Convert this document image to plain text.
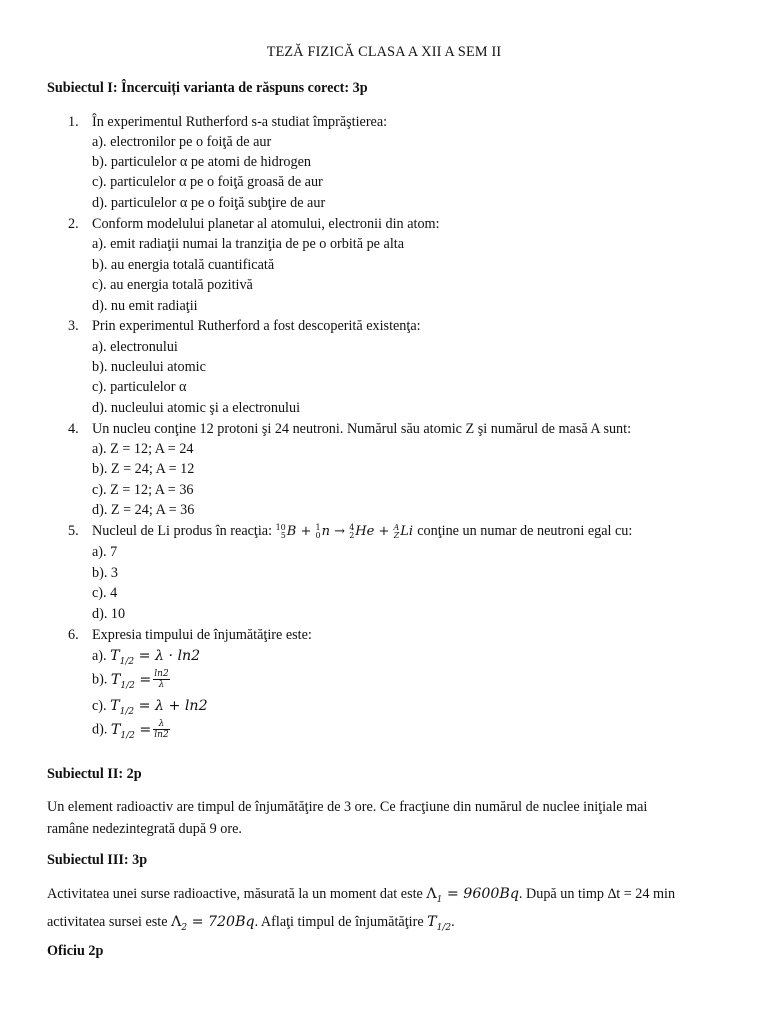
TEZĂ FIZICĂ CLASA A XII A SEM II
Subiectul I: Încercuiți varianta de răspuns corect: 3p
1. În experimentul Rutherford s-a studiat împrăştierea:
a). electronilor pe o foiţă de aur
b). particulelor α pe atomi de hidrogen
c). particulelor α pe o foiţă groasă de aur
d). particulelor α pe o foiţă subţire de aur
2. Conform modelului planetar al atomului, electronii din atom:
a). emit radiaţii numai la tranziţia de pe o orbită pe alta
b). au energia totală cuantificată
c). au energia totală pozitivă
d). nu emit radiaţii
3. Prin experimentul Rutherford a fost descoperită existenţa:
a). electronului
b). nucleului atomic
c). particulelor α
d). nucleului atomic şi a electronului
4. Un nucleu conţine 12 protoni şi 24 neutroni. Numărul său atomic Z şi numărul de masă A sunt:
a). Z = 12; A = 24
b). Z = 24; A = 12
c). Z = 12; A = 36
d). Z = 24; A = 36
5. Nucleul de Li produs în reacţia: 10
5 B + 1
0 n → 4
2 He + A
Z Li conţine un numar de neutroni egal cu:
a). 7
b). 3
c). 4
d). 10
6. Expresia timpului de înjumătăţire este:
a). $T_{1/2} = \lambda \cdot \ln 2$
b). $T_{1/2} = \frac{\ln 2}{\lambda}$
c). $T_{1/2} = \lambda + \ln 2$
d). $T_{1/2} = \frac{\lambda}{\ln 2}$
Subiectul II: 2p
Un element radioactiv are timpul de înjumătăţire de 3 ore. Ce fracţiune din numărul de nuclee iniţiale mai
ramâne nedezintegrată după 9 ore.
Subiectul III: 3p
Activitatea unei surse radioactive, măsurată la un moment dat este $\Lambda_1 = 9600Bq$. După un timp ∆t = 24 min
activitatea sursei este $\Lambda_2 = 720Bq$. Aflaţi timpul de înjumătăţire $T_{1/2}$.
Oficiu 2p
